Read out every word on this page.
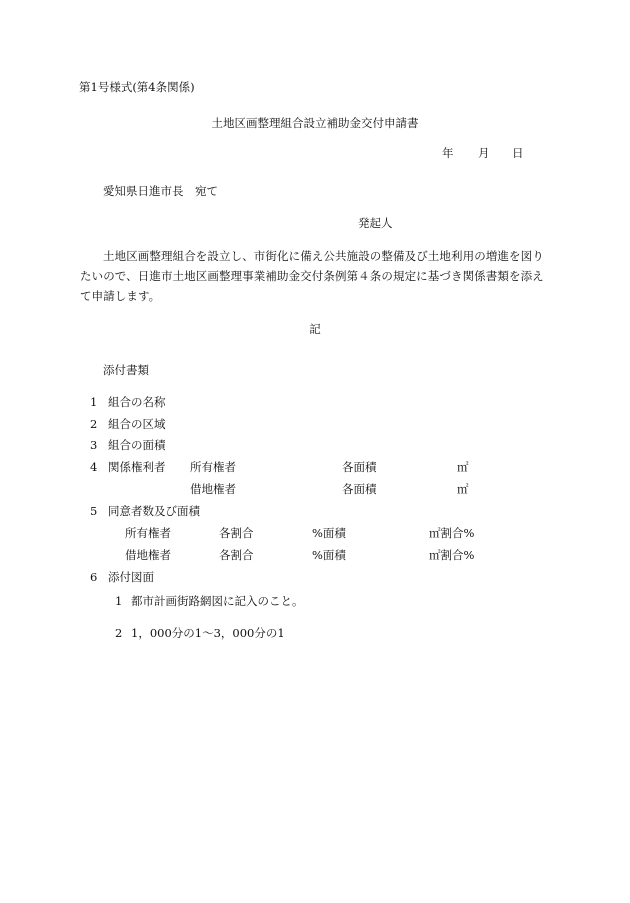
第1号様式(第4条関係)
土地区画整理組合設立補助金交付申請書
年 月 日
愛知県日進市長　宛て
発起人
土地区画整理組合を設立し、市街化に備え公共施設の整備及び土地利用の増進を図りたいので、日進市土地区画整理事業補助金交付条例第４条の規定に基づき関係書類を添えて申請します。
記
添付書類
1 組合の名称
2 組合の区域
3 組合の面積
4 関係権利者 所有権者	各面積	㎡
借地権者	各面積	㎡
5 同意者数及び面積
所有権者	各割合	%面積	㎡割合%
借地権者	各割合	%面積	㎡割合%
6 添付図面
1 都市計画街路網図に記入のこと。
2 1，000分の1～3，000分の1
